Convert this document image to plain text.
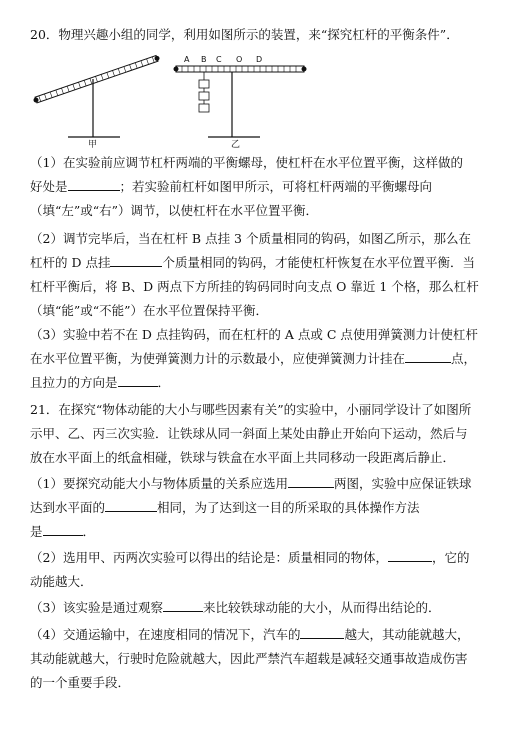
20．物理兴趣小组的同学，利用如图所示的装置，来“探究杠杆的平衡条件”．
甲
A B C O D
乙
（1）在实验前应调节杠杆两端的平衡螺母，使杠杆在水平位置平衡，这样做的
好处是	；若实验前杠杆如图甲所示，可将杠杆两端的平衡螺母向
（填“左”或“右”）调节，以使杠杆在水平位置平衡．
（2）调节完毕后，当在杠杆 B 点挂 3 个质量相同的钩码，如图乙所示，那么在
杠杆的 D 点挂	个质量相同的钩码，才能使杠杆恢复在水平位置平衡．当
杠杆平衡后，将 B、D 两点下方所挂的钩码同时向支点 O 靠近 1 个格，那么杠杆
（填“能”或“不能”）在水平位置保持平衡．
（3）实验中若不在 D 点挂钩码，而在杠杆的 A 点或 C 点使用弹簧测力计使杠杆
在水平位置平衡，为使弹簧测力计的示数最小，应使弹簧测力计挂在	点，
且拉力的方向是	．
21．在探究“物体动能的大小与哪些因素有关”的实验中，小丽同学设计了如图所
示甲、乙、丙三次实验．让铁球从同一斜面上某处由静止开始向下运动，然后与
放在水平面上的纸盒相碰，铁球与铁盒在水平面上共同移动一段距离后静止．
（1）要探究动能大小与物体质量的关系应选用	两图，实验中应保证铁球
达到水平面的	相同，为了达到这一目的所采取的具体操作方法
是	．
（2）选用甲、丙两次实验可以得出的结论是：质量相同的物体，	，它的
动能越大．
（3）该实验是通过观察	来比较铁球动能的大小，从而得出结论的．
（4）交通运输中，在速度相同的情况下，汽车的	越大，其动能就越大，
其动能就越大，行驶时危险就越大，因此严禁汽车超载是减轻交通事故造成伤害
的一个重要手段．
